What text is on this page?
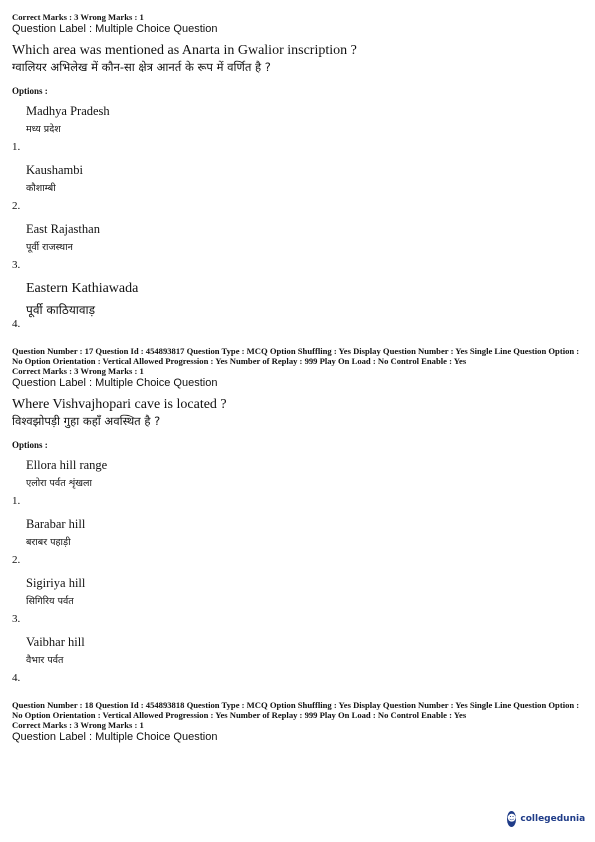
Correct Marks : 3 Wrong Marks : 1
Question Label : Multiple Choice Question
Which area was mentioned as Anarta in Gwalior inscription ?
ग्वालियर अभिलेख में कौन-सा क्षेत्र आनर्त के रूप में वर्णित है ?
Options :
Madhya Pradesh
मध्य प्रदेश
1.
Kaushambi
कौशाम्बी
2.
East Rajasthan
पूर्वी राजस्थान
3.
Eastern Kathiawada
पूर्वी काठियावाड़
4.
Question Number : 17 Question Id : 454893817 Question Type : MCQ Option Shuffling : Yes Display Question Number : Yes Single Line Question Option : No Option Orientation : Vertical Allowed Progression : Yes Number of Replay : 999 Play On Load : No Control Enable : Yes
Correct Marks : 3 Wrong Marks : 1
Question Label : Multiple Choice Question
Where Vishvajhopari cave is located ?
विश्वझोपड़ी गुहा कहाँ अवस्थित है ?
Options :
Ellora hill range
एलोरा पर्वत शृंखला
1.
Barabar hill
बराबर पहाड़ी
2.
Sigiriya hill
सिगिरिय पर्वत
3.
Vaibhar hill
वैभार पर्वत
4.
Question Number : 18 Question Id : 454893818 Question Type : MCQ Option Shuffling : Yes Display Question Number : Yes Single Line Question Option : No Option Orientation : Vertical Allowed Progression : Yes Number of Replay : 999 Play On Load : No Control Enable : Yes
Correct Marks : 3 Wrong Marks : 1
Question Label : Multiple Choice Question
☻ collegedunia
